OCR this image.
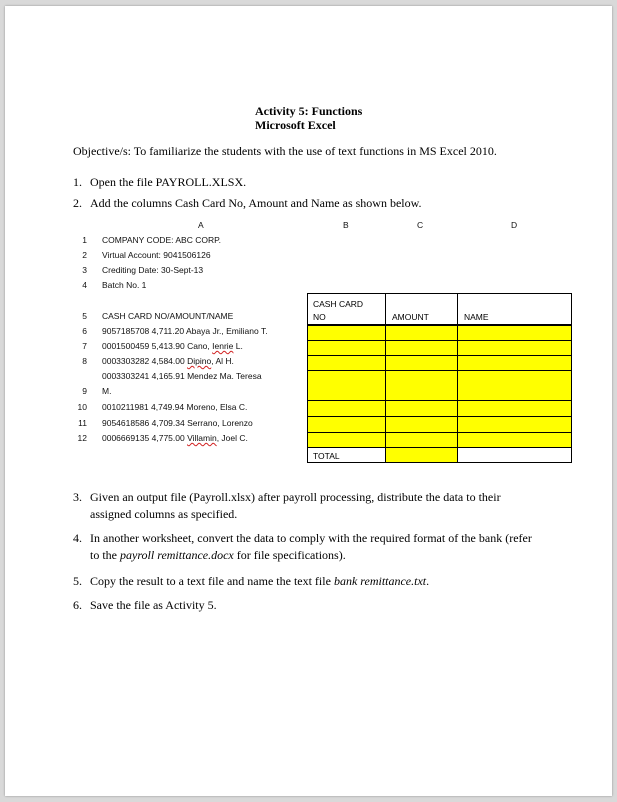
Activity 5: Functions
Microsoft Excel
Objective/s: To familiarize the students with the use of text functions in MS Excel 2010.
1. Open the file PAYROLL.XLSX.
2. Add the columns Cash Card No, Amount and Name as shown below.
A	B	C	D
1 COMPANY CODE: ABC CORP.
2 Virtual Account: 9041506126
3 Crediting Date: 30-Sept-13
4 Batch No. 1
5 CASH CARD NO/AMOUNT/NAME
6 9057185708 4,711.20 Abaya Jr., Emiliano T.
7 0001500459 5,413.90 Cano, Ienrie L.
8 0003303282 4,584.00 Dipino, Al H.
0003303241 4,165.91 Mendez Ma. Teresa
9 M.
10 0010211981 4,749.94 Moreno, Elsa C.
11 9054618586 4,709.34 Serrano, Lorenzo
12 0006669135 4,775.00 Villamin, Joel C.
CASH CARD
NO	AMOUNT	NAME
TOTAL
3. Given an output file (Payroll.xlsx) after payroll processing, distribute the data to their
assigned columns as specified.
4. In another worksheet, convert the data to comply with the required format of the bank (refer
to the payroll remittance.docx for file specifications).
5. Copy the result to a text file and name the text file bank remittance.txt.
6. Save the file as Activity 5.
